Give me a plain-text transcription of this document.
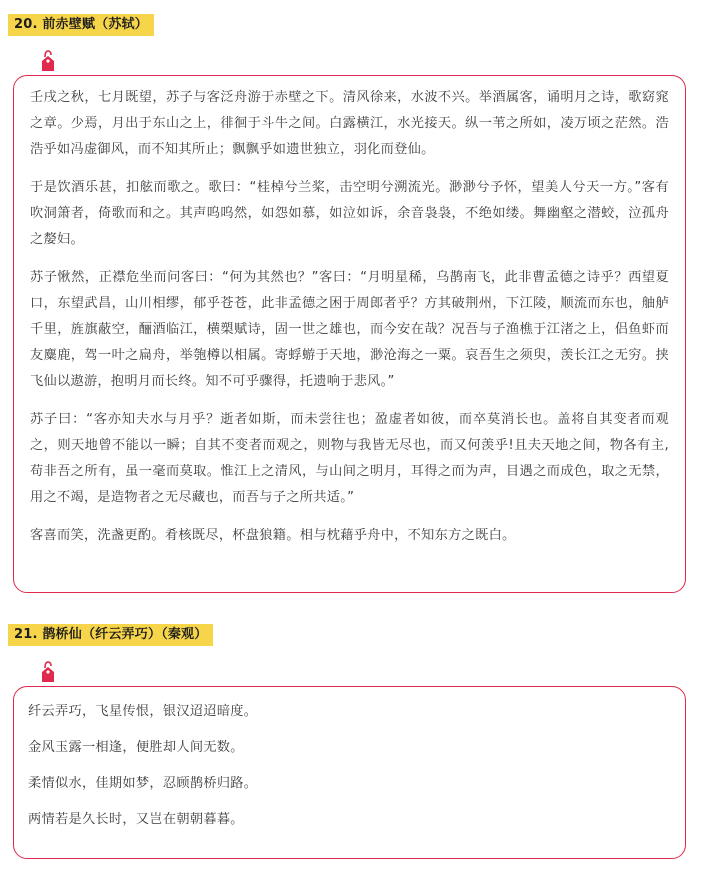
20. 前赤壁赋（苏轼）

壬戌之秋，七月既望，苏子与客泛舟游于赤壁之下。清风徐来，水波不兴。举酒属客，诵明月之诗，歌窈窕之章。少焉，月出于东山之上，徘徊于斗牛之间。白露横江，水光接天。纵一苇之所如，凌万顷之茫然。浩浩乎如冯虚御风，而不知其所止；飘飘乎如遗世独立，羽化而登仙。

于是饮酒乐甚，扣舷而歌之。歌曰：“桂棹兮兰桨，击空明兮溯流光。渺渺兮予怀，望美人兮天一方。”客有吹洞箫者，倚歌而和之。其声呜呜然，如怨如慕，如泣如诉，余音袅袅，不绝如缕。舞幽壑之潜蛟，泣孤舟之嫠妇。

苏子愀然，正襟危坐而问客曰：“何为其然也？”客曰：“月明星稀，乌鹊南飞，此非曹孟德之诗乎？西望夏口，东望武昌，山川相缪，郁乎苍苍，此非孟德之困于周郎者乎？方其破荆州，下江陵，顺流而东也，舳舻千里，旌旗蔽空，酾酒临江，横槊赋诗，固一世之雄也，而今安在哉？况吾与子渔樵于江渚之上，侣鱼虾而友麋鹿，驾一叶之扁舟，举匏樽以相属。寄蜉蝣于天地，渺沧海之一粟。哀吾生之须臾，羡长江之无穷。挟飞仙以遨游，抱明月而长终。知不可乎骤得，托遗响于悲风。”

苏子曰：“客亦知夫水与月乎？逝者如斯，而未尝往也；盈虚者如彼，而卒莫消长也。盖将自其变者而观之，则天地曾不能以一瞬；自其不变者而观之，则物与我皆无尽也，而又何羡乎!且夫天地之间，物各有主,苟非吾之所有，虽一毫而莫取。惟江上之清风，与山间之明月，耳得之而为声，目遇之而成色，取之无禁，用之不竭，是造物者之无尽藏也，而吾与子之所共适。”

客喜而笑，洗盏更酌。肴核既尽，杯盘狼籍。相与枕藉乎舟中，不知东方之既白。

21. 鹊桥仙（纤云弄巧）（秦观）

纤云弄巧，飞星传恨，银汉迢迢暗度。

金风玉露一相逢，便胜却人间无数。

柔情似水，佳期如梦，忍顾鹊桥归路。

两情若是久长时，又岂在朝朝暮暮。
